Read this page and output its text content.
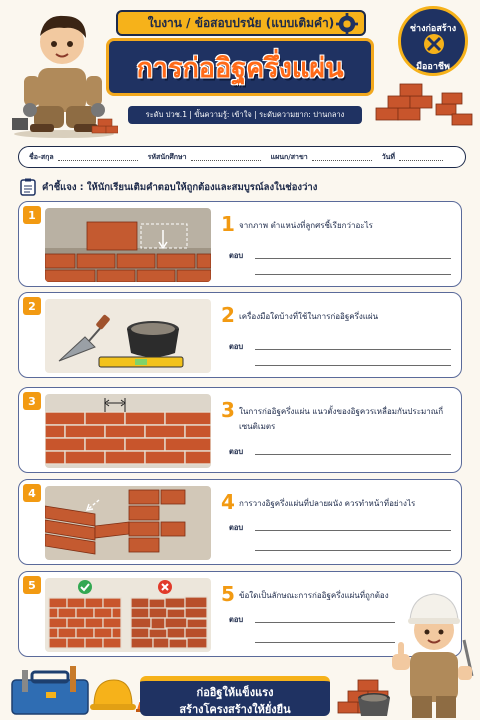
ใบงาน / ข้อสอบปรนัย (แบบเติมคำ)
การก่ออิฐครึ่งแผ่น
ช่างก่อสร้าง
มืออาชีพ
ระดับ ปวช.1 | ขั้นความรู้: เข้าใจ | ระดับความยาก: ปานกลาง
ชื่อ-สกุล	รหัสนักศึกษา	แผนก/สาขา	วันที่
คำชี้แจง : ให้นักเรียนเติมคำตอบให้ถูกต้องและสมบูรณ์ลงในช่องว่าง
1	1 จากภาพ ตำแหน่งที่ลูกศรชี้เรียกว่าอะไร
ตอบ
2	2 เครื่องมือใดบ้างที่ใช้ในการก่ออิฐครึ่งแผ่น
ตอบ
3	3 ในการก่ออิฐครึ่งแผ่น แนวตั้งของอิฐควรเหลื่อมกันประมาณกี่เซนติเมตร
ตอบ
4	4 การวางอิฐครึ่งแผ่นที่ปลายผนัง ควรทำหน้าที่อย่างไร
ตอบ
5	5 ข้อใดเป็นลักษณะการก่ออิฐครึ่งแผ่นที่ถูกต้อง
ตอบ
ก่ออิฐให้แข็งแรง
สร้างโครงสร้างให้ยั่งยืน
